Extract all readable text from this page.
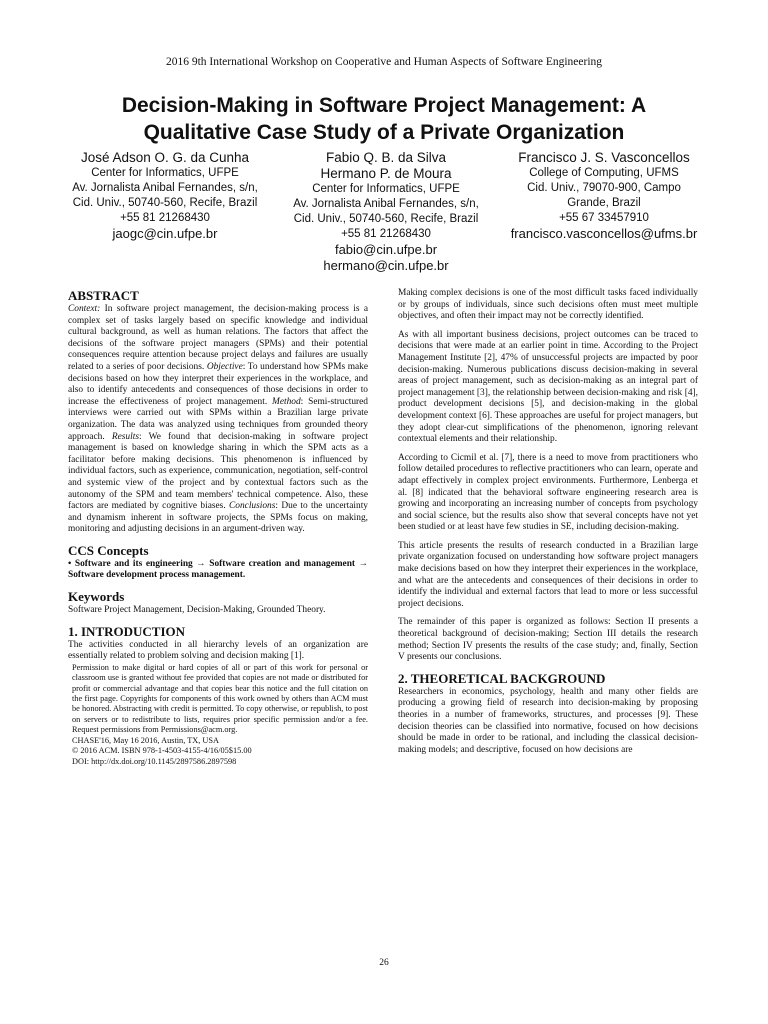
2016 9th International Workshop on Cooperative and Human Aspects of Software Engineering
Decision-Making in Software Project Management: A
Qualitative Case Study of a Private Organization
José Adson O. G. da Cunha
Center for Informatics, UFPE
Av. Jornalista Anibal Fernandes, s/n,
Cid. Univ., 50740-560, Recife, Brazil
+55 81 21268430
jaogc@cin.ufpe.br
Fabio Q. B. da Silva
Hermano P. de Moura
Center for Informatics, UFPE
Av. Jornalista Anibal Fernandes, s/n,
Cid. Univ., 50740-560, Recife, Brazil
+55 81 21268430
fabio@cin.ufpe.br
hermano@cin.ufpe.br
Francisco J. S. Vasconcellos
College of Computing, UFMS
Cid. Univ., 79070-900, Campo
Grande, Brazil
+55 67 33457910
francisco.vasconcellos@ufms.br
ABSTRACT

Context: In software project management, the decision-making process is a complex set of tasks largely based on specific knowledge and individual cultural background, as well as human relations. The factors that affect the decisions of the software project managers (SPMs) and their potential consequences require attention because project delays and failures are usually related to a series of poor decisions. Objective: To understand how SPMs make decisions based on how they interpret their experiences in the workplace, and also to identify antecedents and consequences of those decisions in order to increase the effectiveness of project management. Method: Semi-structured interviews were carried out with SPMs within a Brazilian large private organization. The data was analyzed using techniques from grounded theory approach. Results: We found that decision-making in software project management is based on knowledge sharing in which the SPM acts as a facilitator before making decisions. This phenomenon is influenced by individual factors, such as experience, communication, negotiation, self-control and systemic view of the project and by contextual factors such as the autonomy of the SPM and team members' technical competence. Also, these factors are mediated by cognitive biases. Conclusions: Due to the uncertainty and dynamism inherent in software projects, the SPMs focus on making, monitoring and adjusting decisions in an argument-driven way.

CCS Concepts

• Software and its engineering → Software creation and management → Software development process management.

Keywords

Software Project Management, Decision-Making, Grounded Theory.

1. INTRODUCTION

The activities conducted in all hierarchy levels of an organization are essentially related to problem solving and decision making [1].

Permission to make digital or hard copies of all or part of this work for personal or classroom use is granted without fee provided that copies are not made or distributed for profit or commercial advantage and that copies bear this notice and the full citation on the first page. Copyrights for components of this work owned by others than ACM must be honored. Abstracting with credit is permitted. To copy otherwise, or republish, to post on servers or to redistribute to lists, requires prior specific permission and/or a fee. Request permissions from Permissions@acm.org.

CHASE'16, May 16 2016, Austin, TX, USA
© 2016 ACM. ISBN 978-1-4503-4155-4/16/05$15.00
DOI: http://dx.doi.org/10.1145/2897586.2897598

Making complex decisions is one of the most difficult tasks faced individually or by groups of individuals, since such decisions often must meet multiple objectives, and often their impact may not be correctly identified.

As with all important business decisions, project outcomes can be traced to decisions that were made at an earlier point in time. According to the Project Management Institute [2], 47% of unsuccessful projects are impacted by poor decision-making. Numerous publications discuss decision-making in several areas of project management, such as decision-making as an integral part of project management [3], the relationship between decision-making and risk [4], product development decisions [5], and decision-making in the global development context [6]. These approaches are useful for project managers, but they adopt clear-cut simplifications of the phenomenon, ignoring relevant contextual elements and their relationship.

According to Cicmil et al. [7], there is a need to move from practitioners who follow detailed procedures to reflective practitioners who can learn, operate and adapt effectively in complex project environments. Furthermore, Lenberga et al. [8] indicated that the behavioral software engineering research area is growing and incorporating an increasing number of concepts from psychology and social science, but the results also show that several concepts have not yet been studied or at least have few studies in SE, including decision-making.

This article presents the results of research conducted in a Brazilian large private organization focused on understanding how software project managers make decisions based on how they interpret their experiences in the workplace, and what are the antecedents and consequences of their decisions in order to identify the individual and external factors that lead to more or less successful project decisions.

The remainder of this paper is organized as follows: Section II presents a theoretical background of decision-making; Section III details the research method; Section IV presents the results of the case study; and, finally, Section V presents our conclusions.

2. THEORETICAL BACKGROUND

Researchers in economics, psychology, health and many other fields are producing a growing field of research into decision-making by proposing theories in a number of frameworks, structures, and processes [9]. These decision theories can be classified into normative, focused on how decisions should be made in order to be rational, and including the classical decision-making models; and descriptive, focused on how decisions are

26
